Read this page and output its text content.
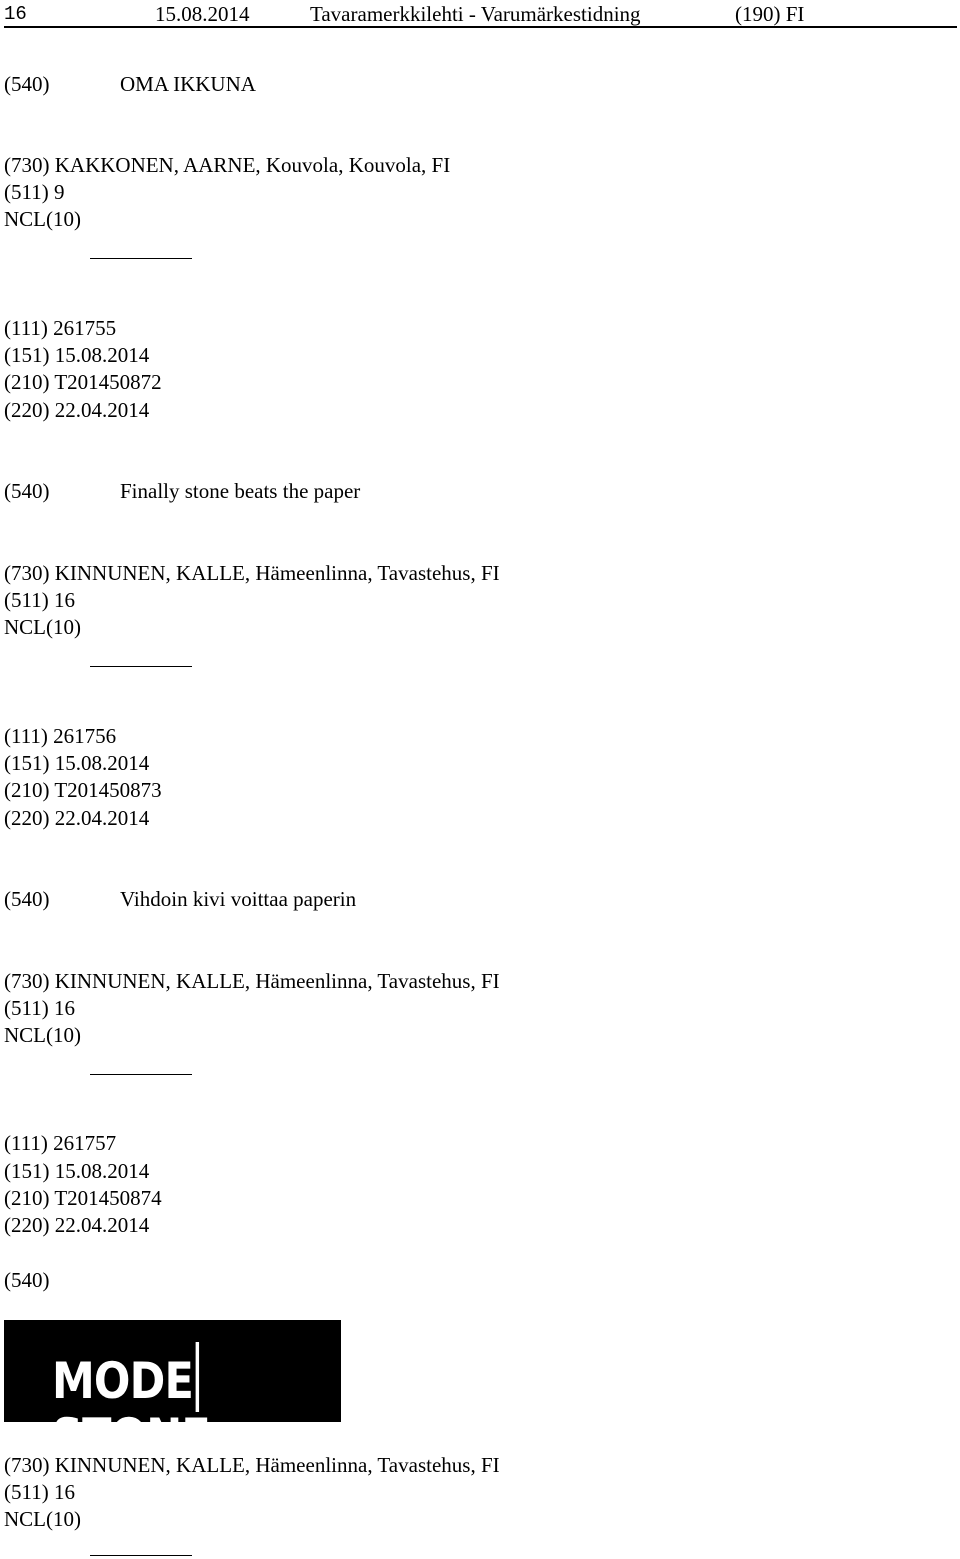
16	15.08.2014	Tavaramerkkilehti - Varumärkestidning	(190) FI
(540)	OMA IKKUNA
(730) KAKKONEN, AARNE, Kouvola, Kouvola, FI
(511) 9
NCL(10)
(111) 261755
(151) 15.08.2014
(210) T201450872
(220) 22.04.2014
(540)	Finally stone beats the paper
(730) KINNUNEN, KALLE, Hämeenlinna, Tavastehus, FI
(511) 16
NCL(10)
(111) 261756
(151) 15.08.2014
(210) T201450873
(220) 22.04.2014
(540)	Vihdoin kivi voittaa paperin
(730) KINNUNEN, KALLE, Hämeenlinna, Tavastehus, FI
(511) 16
NCL(10)
(111) 261757
(151) 15.08.2014
(210) T201450874
(220) 22.04.2014
(540)
MODESTONE
(730) KINNUNEN, KALLE, Hämeenlinna, Tavastehus, FI
(511) 16
NCL(10)
